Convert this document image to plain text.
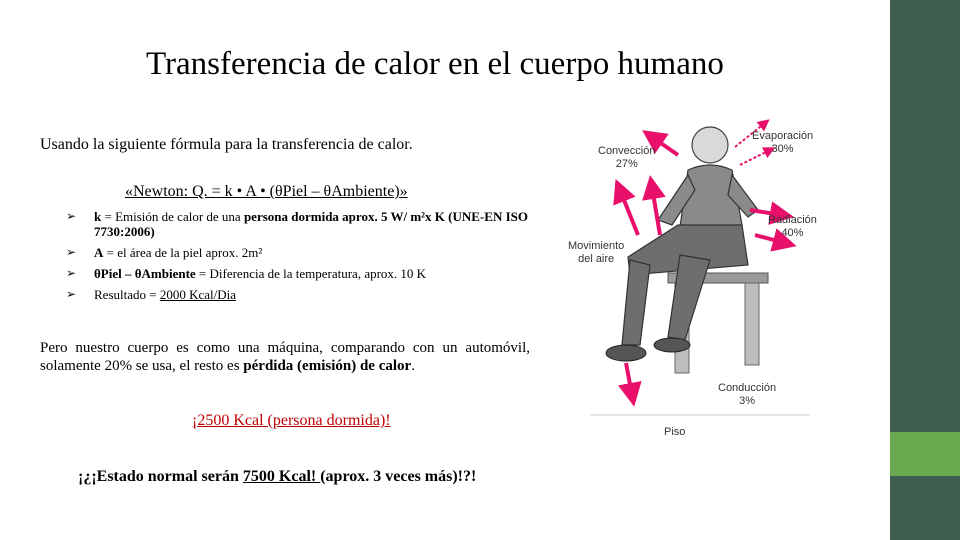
Transferencia de calor en el cuerpo humano
Usando la siguiente fórmula para la transferencia de calor.
«Newton: Q. = k • A • (θPiel – θAmbiente)»
➢ k = Emisión de calor de una persona dormida aprox. 5 W/ m²x K (UNE-EN ISO 7730:2006)
➢ A = el área de la piel aprox. 2m²
➢ θPiel – θAmbiente = Diferencia de la temperatura, aprox. 10 K
➢ Resultado = 2000 Kcal/Dia
Pero nuestro cuerpo es como una máquina, comparando con un automóvil, solamente 20% se usa, el resto es pérdida (emisión) de calor.
¡2500 Kcal (persona dormida)!
¡¿¡Estado normal serán 7500 Kcal! (aprox. 3 veces más)!?!
Convección
27%
Evaporación
30%
Radiación
40%
Movimiento
del aire
Conducción
3%
Piso
